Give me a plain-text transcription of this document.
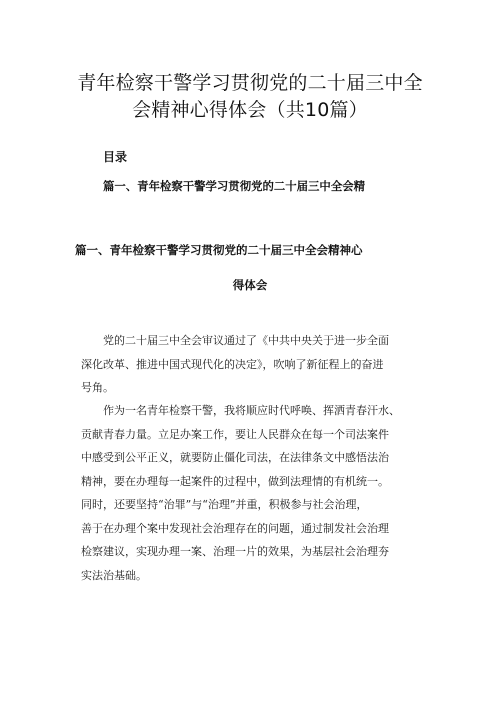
青年检察干警学习贯彻党的二十届三中全
会精神心得体会（共10篇）
目录
篇一、青年检察干警学习贯彻党的二十届三中全会精
篇一、青年检察干警学习贯彻党的二十届三中全会精神心
得体会
党的二十届三中全会审议通过了《中共中央关于进一步全面
深化改革、推进中国式现代化的决定》，吹响了新征程上的奋进
号角。
作为一名青年检察干警，我将顺应时代呼唤、挥洒青春汗水、
贡献青春力量。立足办案工作，要让人民群众在每一个司法案件
中感受到公平正义，就要防止僵化司法，在法律条文中感悟法治
精神，要在办理每一起案件的过程中，做到法理情的有机统一。
同时，还要坚持“治罪”与“治理”并重，积极参与社会治理，
善于在办理个案中发现社会治理存在的问题，通过制发社会治理
检察建议，实现办理一案、治理一片的效果，为基层社会治理夯
实法治基础。
